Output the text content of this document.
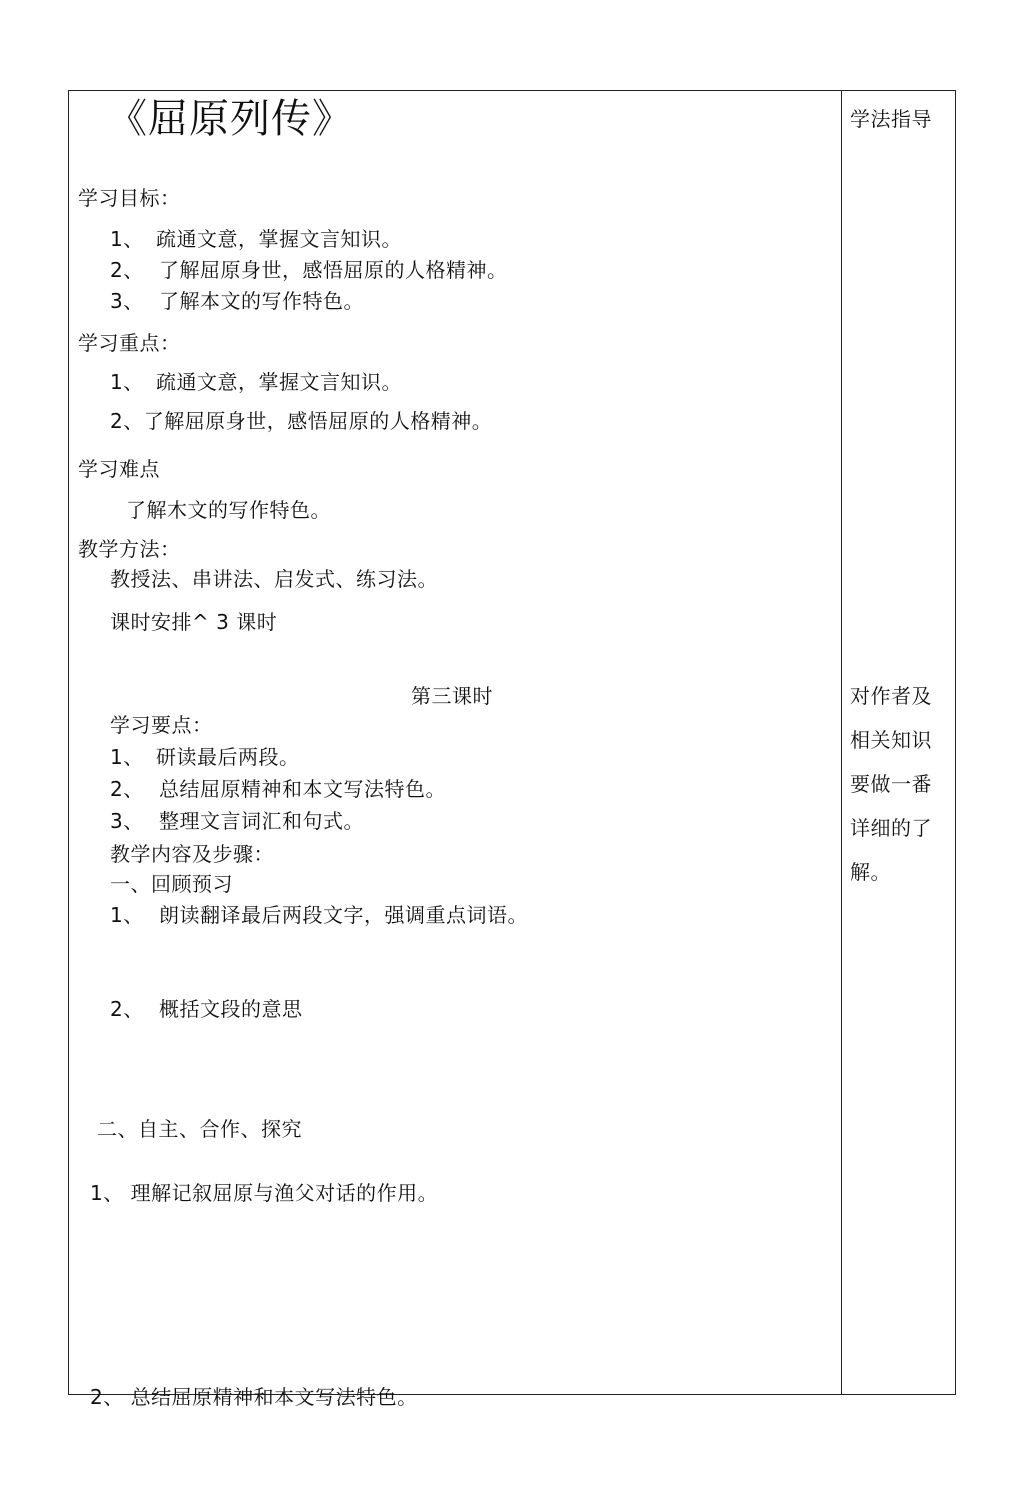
《屈原列传》
学习目标：
1、 疏通文意，掌握文言知识。
2、 了解屈原身世，感悟屈原的人格精神。
3、 了解本文的写作特色。
学习重点：
1、 疏通文意，掌握文言知识。
2、了解屈原身世，感悟屈原的人格精神。
学习难点
了解木文的写作特色。
教学方法：
教授法、串讲法、启发式、练习法。
课时安排^ 3 课时
第三课时
学习要点：
1、 研读最后两段。
2、 总结屈原精神和本文写法特色。
3、 整理文言词汇和句式。
教学内容及步骤：
一、回顾预习
1、 朗读翻译最后两段文字，强调重点词语。
2、 概括文段的意思
二、自主、合作、探究
1、 理解记叙屈原与渔父对话的作用。
2、 总结屈原精神和本文写法特色。
学法指导
对作者及
相关知识
要做一番
详细的了
解。
